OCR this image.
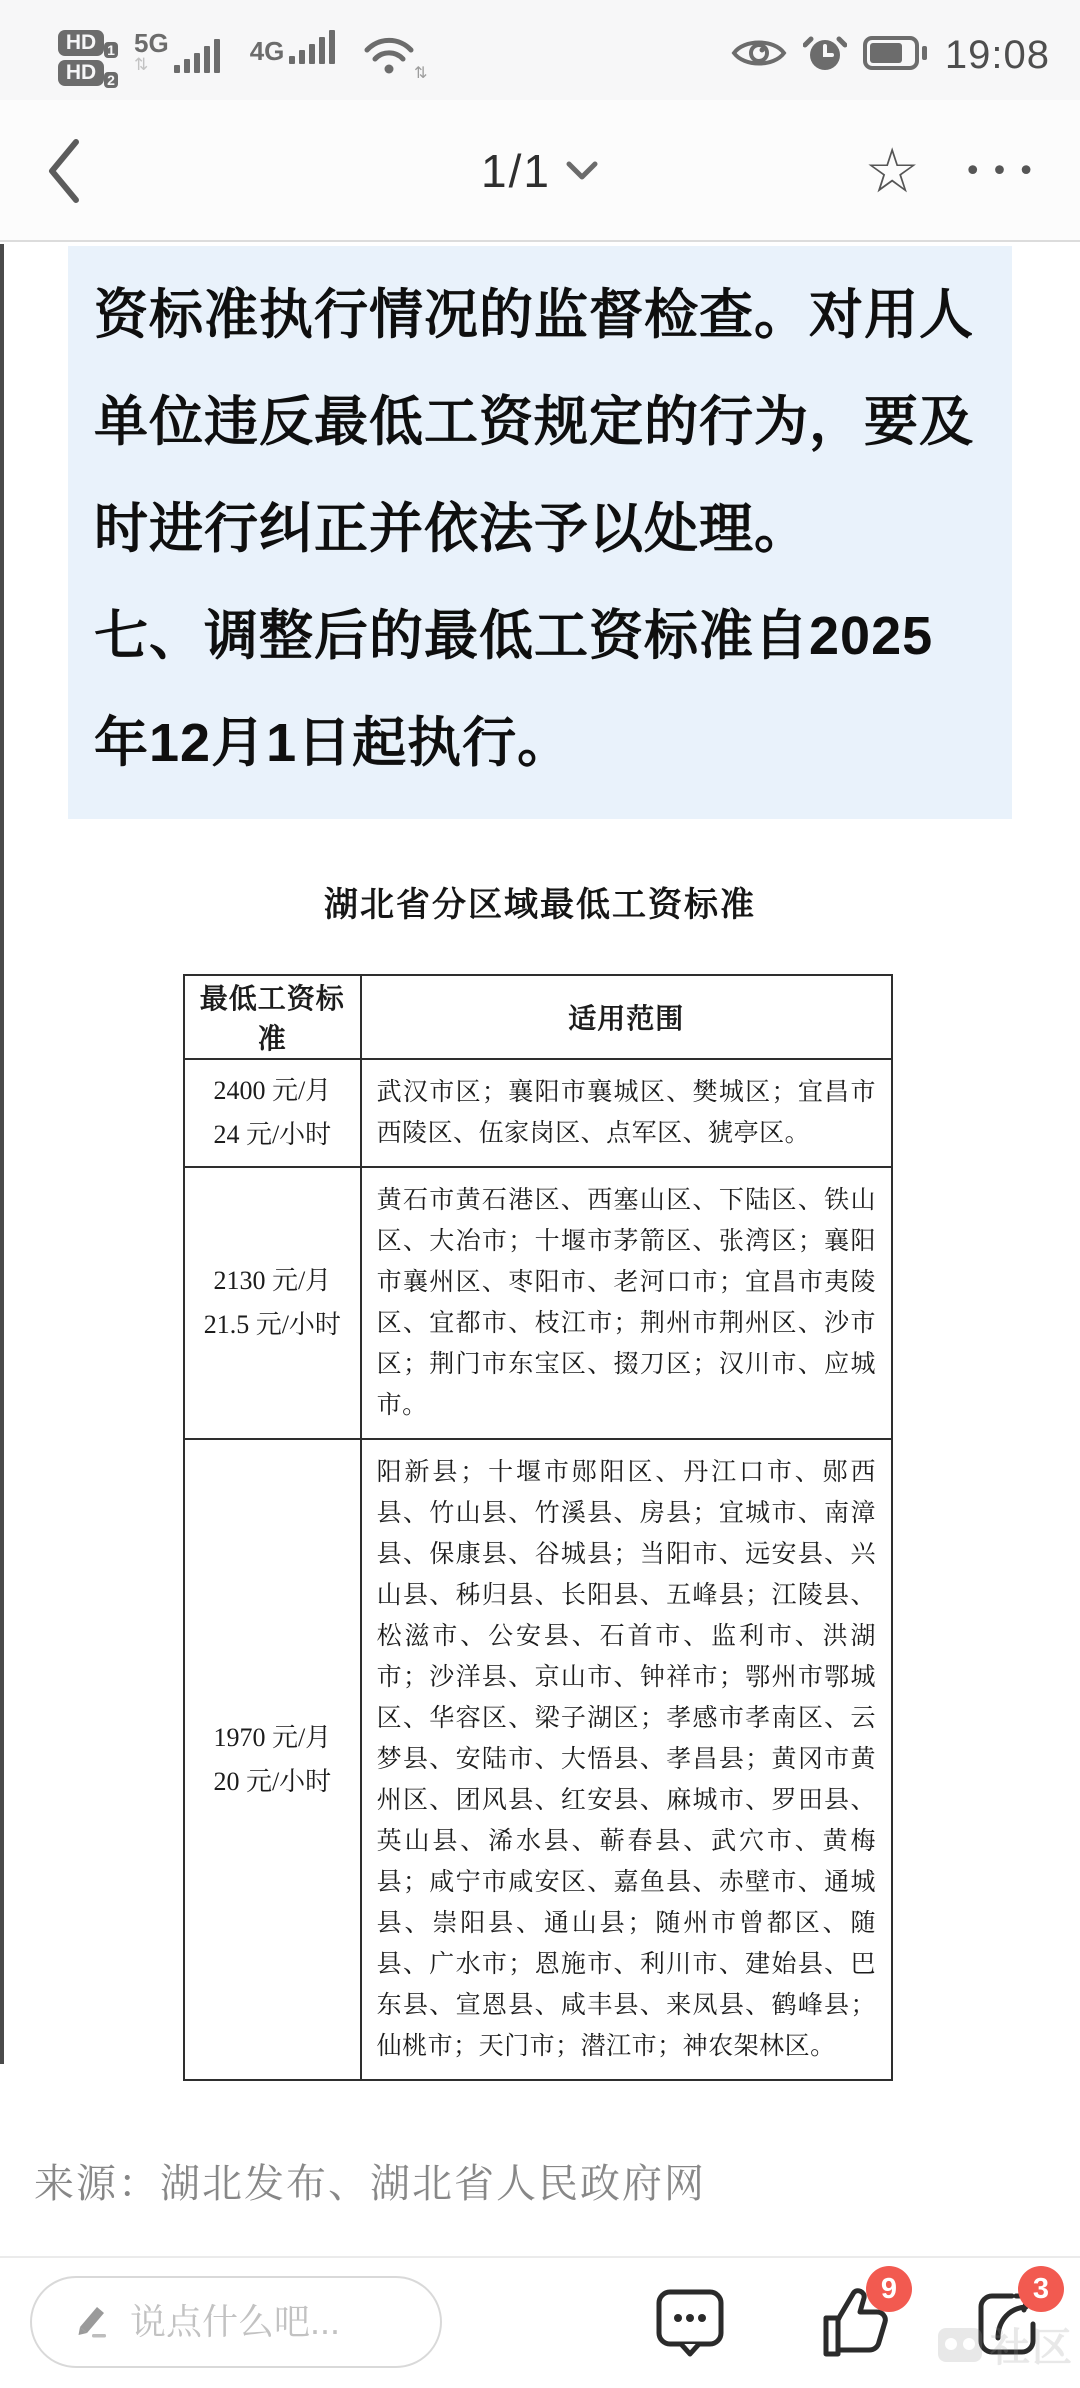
HD 1
HD 2
5G
⇅	4G
⇅	19:08
1/1	☆ •••

资标准执行情况的监督检查。对用人单位违反最低工资规定的行为，要及时进行纠正并依法予以处理。

七、调整后的最低工资标准自2025年12月1日起执行。

湖北省分区域最低工资标准
最低工资标准	适用范围

2400 元/月
24 元/小时	武汉市区；襄阳市襄城区、樊城区；宜昌市西陵区、伍家岗区、点军区、猇亭区。

2130 元/月
21.5 元/小时	黄石市黄石港区、西塞山区、下陆区、铁山区、大冶市；十堰市茅箭区、张湾区；襄阳市襄州区、枣阳市、老河口市；宜昌市夷陵区、宜都市、枝江市；荆州市荆州区、沙市区；荆门市东宝区、掇刀区；汉川市、应城市。

1970 元/月
20 元/小时	阳新县；十堰市郧阳区、丹江口市、郧西县、竹山县、竹溪县、房县；宜城市、南漳县、保康县、谷城县；当阳市、远安县、兴山县、秭归县、长阳县、五峰县；江陵县、松滋市、公安县、石首市、监利市、洪湖市；沙洋县、京山市、钟祥市；鄂州市鄂城区、华容区、梁子湖区；孝感市孝南区、云梦县、安陆市、大悟县、孝昌县；黄冈市黄州区、团风县、红安县、麻城市、罗田县、英山县、浠水县、蕲春县、武穴市、黄梅县；咸宁市咸安区、嘉鱼县、赤壁市、通城县、崇阳县、通山县；随州市曾都区、随县、广水市；恩施市、利川市、建始县、巴东县、宣恩县、咸丰县、来凤县、鹤峰县；仙桃市；天门市；潜江市；神农架林区。
来源：湖北发布、湖北省人民政府网
说点什么吧...
9	3
社区
